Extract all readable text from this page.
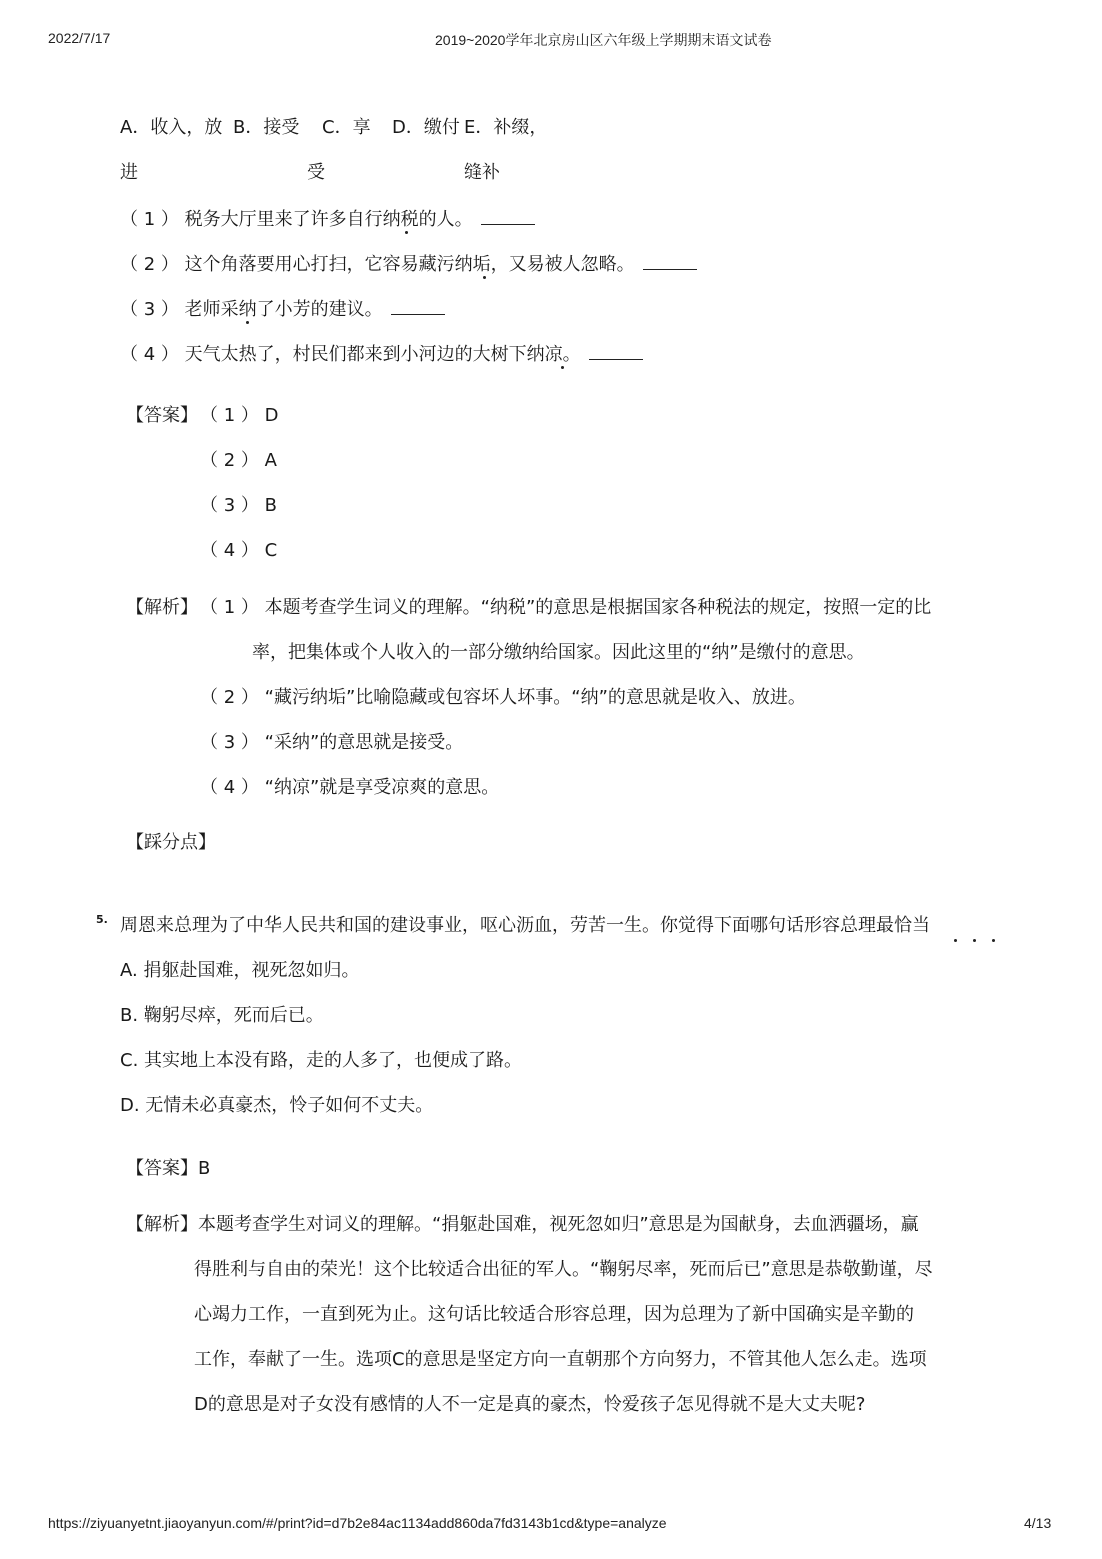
2022/7/17	2019~2020学年北京房山区六年级上学期期末语文试卷
A．收入，放 B．接受 C．享 D．缴付 E．补缀，
进	受	缝补
（ 1 ） 税务大厅里来了许多自行纳税的人。
（ 2 ） 这个角落要用心打扫，它容易藏污纳垢，又易被人忽略。
（ 3 ） 老师采纳了小芳的建议。
（ 4 ） 天气太热了，村民们都来到小河边的大树下纳凉。
【答案】 （ 1 ） D
（ 2 ） A
（ 3 ） B
（ 4 ） C
【解析】 （ 1 ） 本题考查学生词义的理解。“纳税”的意思是根据国家各种税法的规定，按照一定的比
率，把集体或个人收入的一部分缴纳给国家。因此这里的“纳”是缴付的意思。
（ 2 ） “藏污纳垢”比喻隐藏或包容坏人坏事。“纳”的意思就是收入、放进。
（ 3 ） “采纳”的意思就是接受。
（ 4 ） “纳凉”就是享受凉爽的意思。
【踩分点】
5. 周恩来总理为了中华人民共和国的建设事业，呕心沥血，劳苦一生。你觉得下面哪句话形容总理最恰当
A. 捐躯赴国难，视死忽如归。
B. 鞠躬尽瘁，死而后已。
C. 其实地上本没有路，走的人多了，也便成了路。
D. 无情未必真豪杰，怜子如何不丈夫。
【答案】B
【解析】本题考查学生对词义的理解。“捐躯赴国难，视死忽如归”意思是为国献身，去血洒疆场，赢
得胜利与自由的荣光！这个比较适合出征的军人。“鞠躬尽率，死而后已”意思是恭敬勤谨，尽
心竭力工作，一直到死为止。这句话比较适合形容总理，因为总理为了新中国确实是辛勤的
工作，奉献了一生。选项C的意思是坚定方向一直朝那个方向努力，不管其他人怎么走。选项
D的意思是对子女没有感情的人不一定是真的豪杰，怜爱孩子怎见得就不是大丈夫呢?
https://ziyuanyetnt.jiaoyanyun.com/#/print?id=d7b2e84ac1134add860da7fd3143b1cd&type=analyze	4/13
